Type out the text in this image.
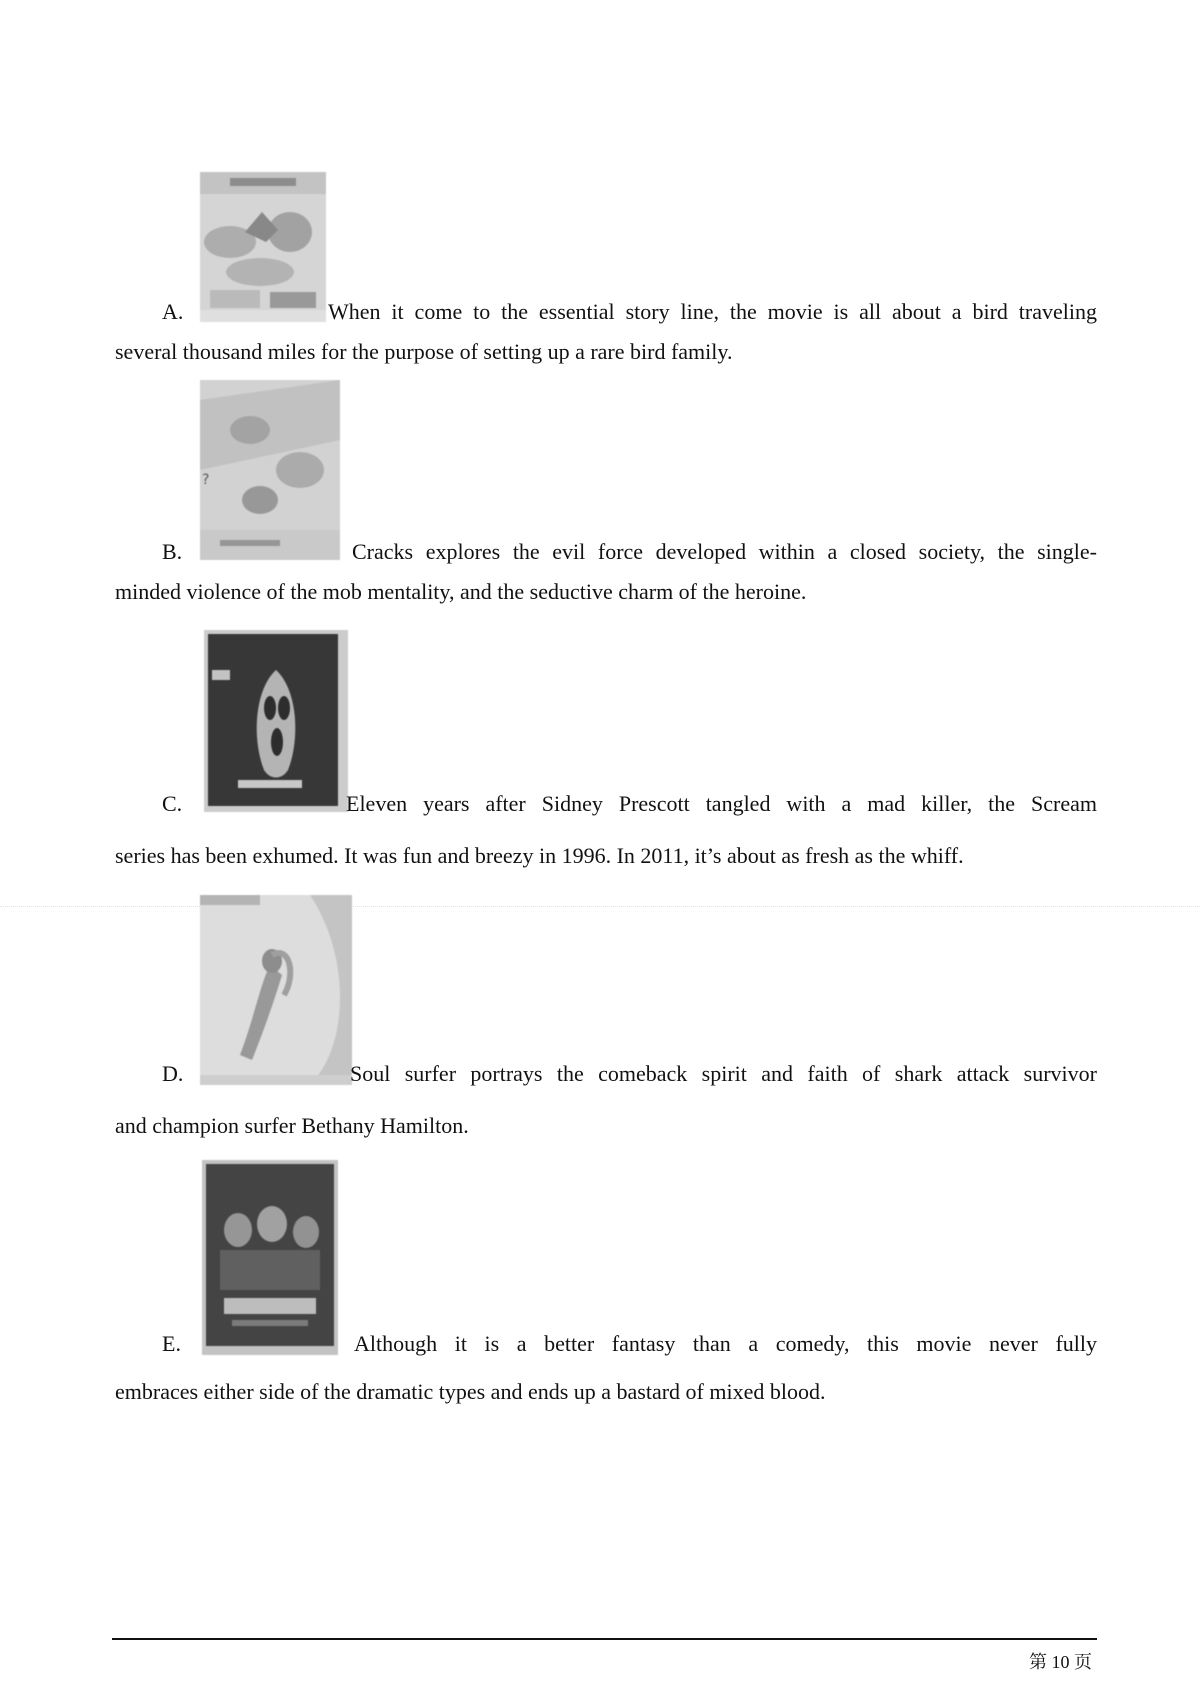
A.	When it come to the essential story line, the movie is all about a bird traveling
several thousand miles for the purpose of setting up a rare bird family.
?
B.	Cracks explores the evil force developed within a closed society, the single-
minded violence of the mob mentality, and the seductive charm of the heroine.
C.	Eleven years after Sidney Prescott tangled with a mad killer, the Scream
series has been exhumed. It was fun and breezy in 1996. In 2011, it’s about as fresh as the whiff.
D.	Soul surfer portrays the comeback spirit and faith of shark attack survivor
and champion surfer Bethany Hamilton.
E.	Although it is a better fantasy than a comedy, this movie never fully
embraces either side of the dramatic types and ends up a bastard of mixed blood.
第 10 页
